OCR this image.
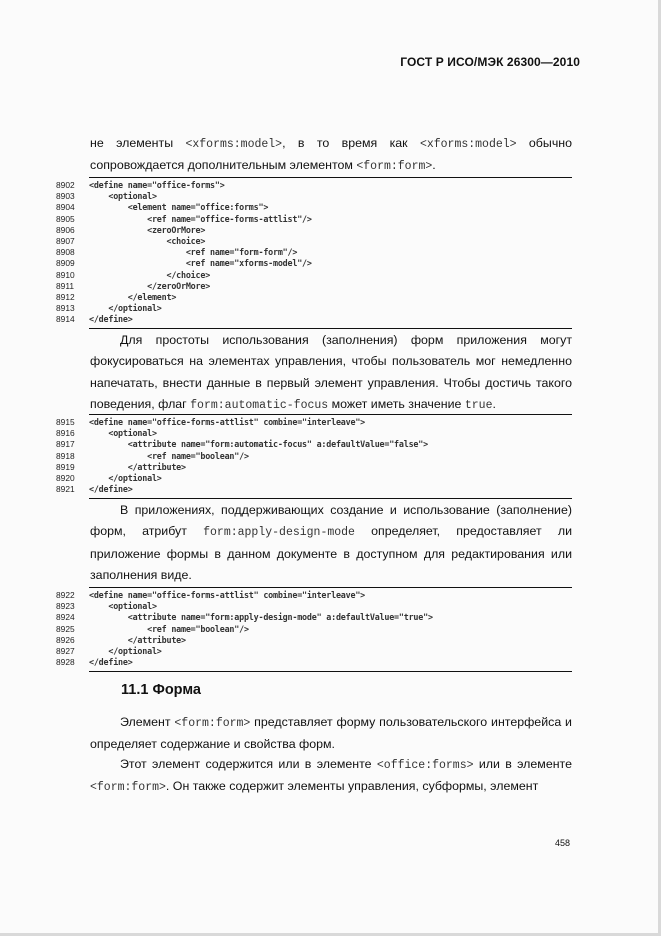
ГОСТ Р ИСО/МЭК 26300—2010
не элементы <xforms:model>, в то время как <xforms:model> обычно сопровождается дополнительным элементом <form:form>.
8902	<define name="office-forms">
8903	<optional>
8904	<element name="office:forms">
8905	<ref name="office-forms-attlist"/>
8906	<zeroOrMore>
8907	<choice>
8908	<ref name="form-form"/>
8909	<ref name="xforms-model"/>
8910	</choice>
8911	</zeroOrMore>
8912	</element>
8913	</optional>
8914	</define>
Для простоты использования (заполнения) форм приложения могут фокусироваться на элементах управления, чтобы пользователь мог немедленно напечатать, внести данные в первый элемент управления. Чтобы достичь такого поведения, флаг form:automatic-focus может иметь значение true.
8915	<define name="office-forms-attlist" combine="interleave">
8916	<optional>
8917	<attribute name="form:automatic-focus" a:defaultValue="false">
8918	<ref name="boolean"/>
8919	</attribute>
8920	</optional>
8921	</define>
В приложениях, поддерживающих создание и использование (заполнение) форм, атрибут form:apply-design-mode определяет, предоставляет ли приложение формы в данном документе в доступном для редактирования или заполнения виде.
8922	<define name="office-forms-attlist" combine="interleave">
8923	<optional>
8924	<attribute name="form:apply-design-mode" a:defaultValue="true">
8925	<ref name="boolean"/>
8926	</attribute>
8927	</optional>
8928	</define>
11.1 Форма
Элемент <form:form> представляет форму пользовательского интерфейса и определяет содержание и свойства форм.
Этот элемент содержится или в элементе <office:forms> или в элементе <form:form>. Он также содержит элементы управления, субформы, элемент
458
